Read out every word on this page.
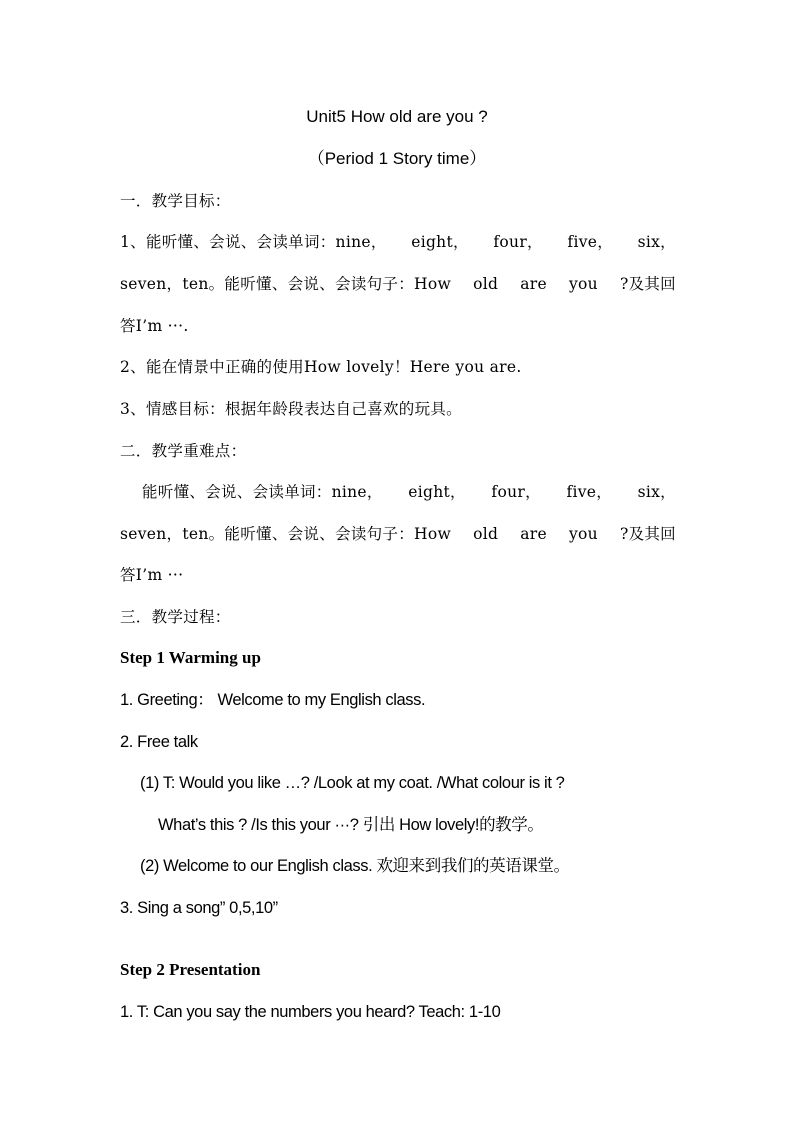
Unit5 How old are you ?
（Period 1 Story time）
一．教学目标：
1、能听懂、会说、会读单词：nine， eight， four， five， six，
seven，ten。能听懂、会说、会读句子：How old are you ?及其回
答I’m ···.
2、能在情景中正确的使用How lovely！Here you are.
3、情感目标：根据年龄段表达自己喜欢的玩具。
二．教学重难点：
能听懂、会说、会读单词：nine， eight， four， five， six，
seven，ten。能听懂、会说、会读句子：How old are you ?及其回
答I’m ···
三．教学过程：
Step 1 Warming up
1. Greeting： Welcome to my English class.
2. Free talk
(1) T: Would you like …? /Look at my coat. /What colour is it ?
What’s this ? /Is this your ···? 引出 How lovely!的教学。
(2) Welcome to our English class. 欢迎来到我们的英语课堂。
3. Sing a song” 0,5,10”
Step 2 Presentation
1. T: Can you say the numbers you heard? Teach: 1-10
